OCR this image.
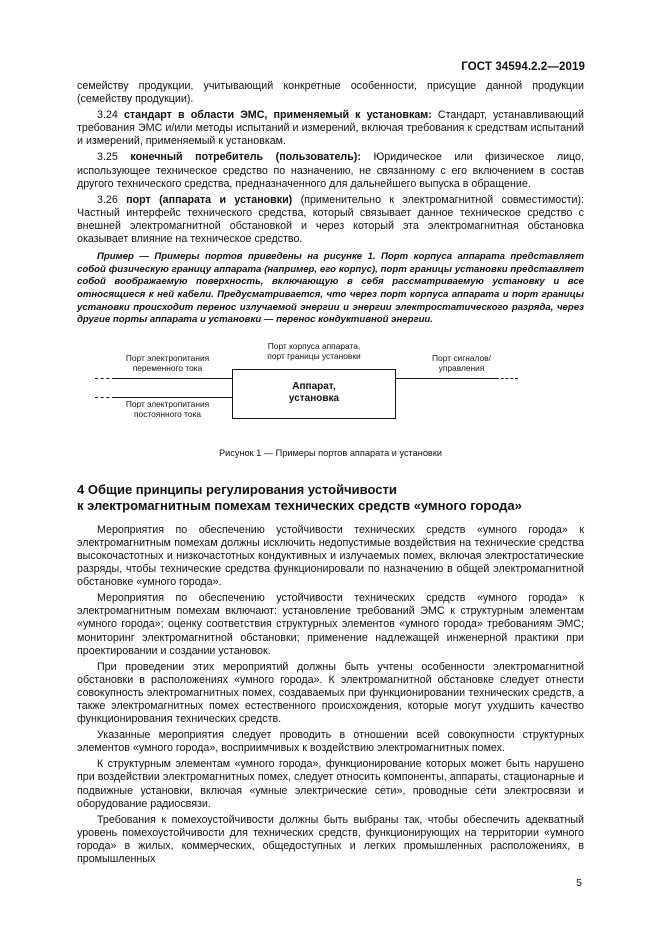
ГОСТ 34594.2.2—2019

семейству продукции, учитывающий конкретные особенности, присущие данной продукции (семейству продукции).

3.24 стандарт в области ЭМС, применяемый к установкам: Стандарт, устанавливающий требования ЭМС и/или методы испытаний и измерений, включая требования к средствам испытаний и измерений, применяемый к установкам.

3.25 конечный потребитель (пользователь): Юридическое или физическое лицо, использующее техническое средство по назначению, не связанному с его включением в состав другого технического средства, предназначенного для дальнейшего выпуска в обращение.

3.26 порт (аппарата и установки) (применительно к электромагнитной совместимости): Частный интерфейс технического средства, который связывает данное техническое средство с внешней электромагнитной обстановкой и через который эта электромагнитная обстановка оказывает влияние на техническое средство.

Пример — Примеры портов приведены на рисунке 1. Порт корпуса аппарата представляет собой физическую границу аппарата (например, его корпус), порт границы установки представляет собой воображаемую поверхность, включающую в себя рассматриваемую установку и все относящиеся к ней кабели. Предусматривается, что через порт корпуса аппарата и порт границы установки происходит перенос излучаемой энергии и энергии электростатического разряда, через другие порты аппарата и установки — перенос кондуктивной энергии.

Порт корпуса аппарата,
порт границы установки
Порт электропитания
переменного тока
Порт сигналов/
управления
Порт электропитания
постоянного тока
Аппарат,
установка
Рисунок 1 — Примеры портов аппарата и установки
4 Общие принципы регулирования устойчивости
к электромагнитным помехам технических средств «умного города»

Мероприятия по обеспечению устойчивости технических средств «умного города» к электромагнитным помехам должны исключить недопустимые воздействия на технические средства высокочастотных и низкочастотных кондуктивных и излучаемых помех, включая электростатические разряды, чтобы технические средства функционировали по назначению в общей электромагнитной обстановке «умного города».

Мероприятия по обеспечению устойчивости технических средств «умного города» к электромагнитным помехам включают: установление требований ЭМС к структурным элементам «умного города»; оценку соответствия структурных элементов «умного города» требованиям ЭМС; мониторинг электромагнитной обстановки; применение надлежащей инженерной практики при проектировании и создании установок.

При проведении этих мероприятий должны быть учтены особенности электромагнитной обстановки в расположениях «умного города». К электромагнитной обстановке следует отнести совокупность электромагнитных помех, создаваемых при функционировании технических средств, а также электромагнитных помех естественного происхождения, которые могут ухудшить качество функционирования технических средств.

Указанные мероприятия следует проводить в отношении всей совокупности структурных элементов «умного города», восприимчивых к воздействию электромагнитных помех.

К структурным элементам «умного города», функционирование которых может быть нарушено при воздействии электромагнитных помех, следует относить компоненты, аппараты, стационарные и подвижные установки, включая «умные электрические сети», проводные сети электросвязи и оборудование радиосвязи.

Требования к помехоустойчивости должны быть выбраны так, чтобы обеспечить адекватный уровень помехоустойчивости для технических средств, функционирующих на территории «умного города» в жилых, коммерческих, общедоступных и легких промышленных расположениях, в промышленных

5
